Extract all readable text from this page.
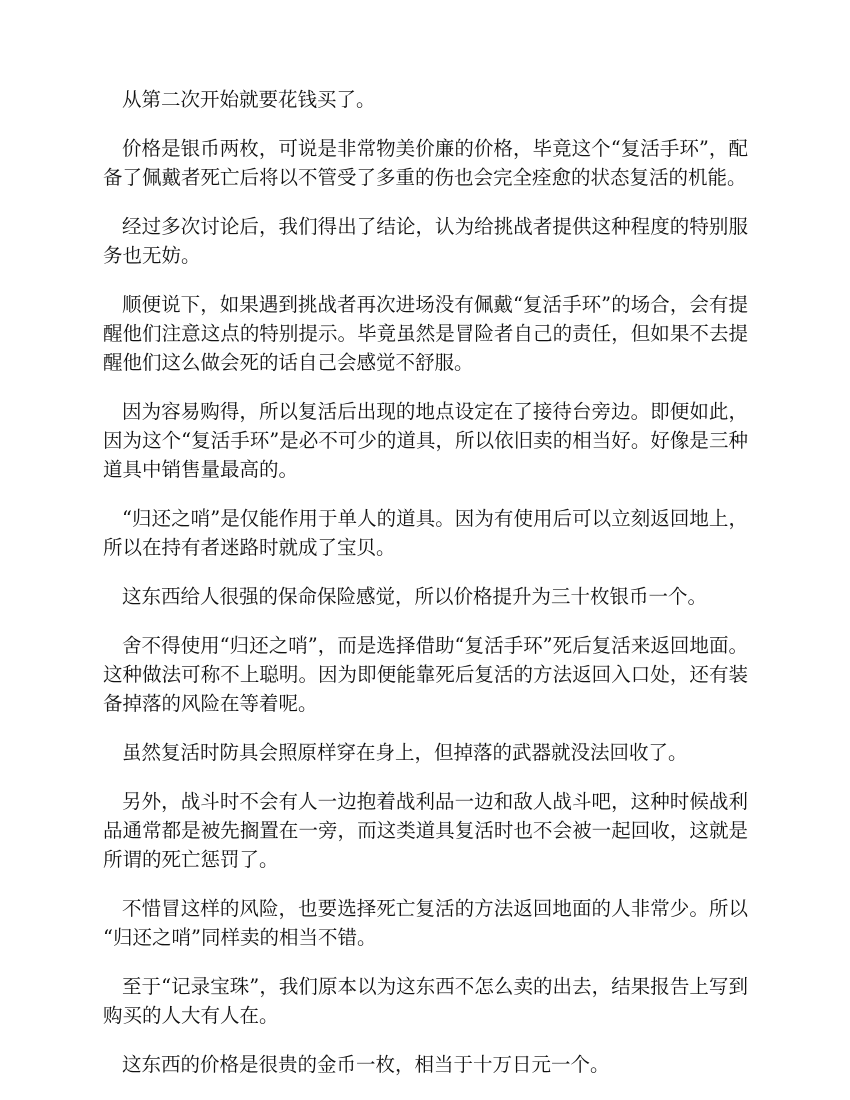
从第二次开始就要花钱买了。

价格是银币两枚，可说是非常物美价廉的价格，毕竟这个“复活手环”，配备了佩戴者死亡后将以不管受了多重的伤也会完全痊愈的状态复活的机能。

经过多次讨论后，我们得出了结论，认为给挑战者提供这种程度的特别服务也无妨。

顺便说下，如果遇到挑战者再次进场没有佩戴“复活手环”的场合，会有提醒他们注意这点的特别提示。毕竟虽然是冒险者自己的责任，但如果不去提醒他们这么做会死的话自己会感觉不舒服。

因为容易购得，所以复活后出现的地点设定在了接待台旁边。即便如此，因为这个“复活手环”是必不可少的道具，所以依旧卖的相当好。好像是三种道具中销售量最高的。

“归还之哨”是仅能作用于单人的道具。因为有使用后可以立刻返回地上，所以在持有者迷路时就成了宝贝。

这东西给人很强的保命保险感觉，所以价格提升为三十枚银币一个。

舍不得使用“归还之哨”，而是选择借助“复活手环”死后复活来返回地面。这种做法可称不上聪明。因为即便能靠死后复活的方法返回入口处，还有装备掉落的风险在等着呢。

虽然复活时防具会照原样穿在身上，但掉落的武器就没法回收了。

另外，战斗时不会有人一边抱着战利品一边和敌人战斗吧，这种时候战利品通常都是被先搁置在一旁，而这类道具复活时也不会被一起回收，这就是所谓的死亡惩罚了。

不惜冒这样的风险，也要选择死亡复活的方法返回地面的人非常少。所以“归还之哨”同样卖的相当不错。

至于“记录宝珠”，我们原本以为这东西不怎么卖的出去，结果报告上写到购买的人大有人在。

这东西的价格是很贵的金币一枚，相当于十万日元一个。
